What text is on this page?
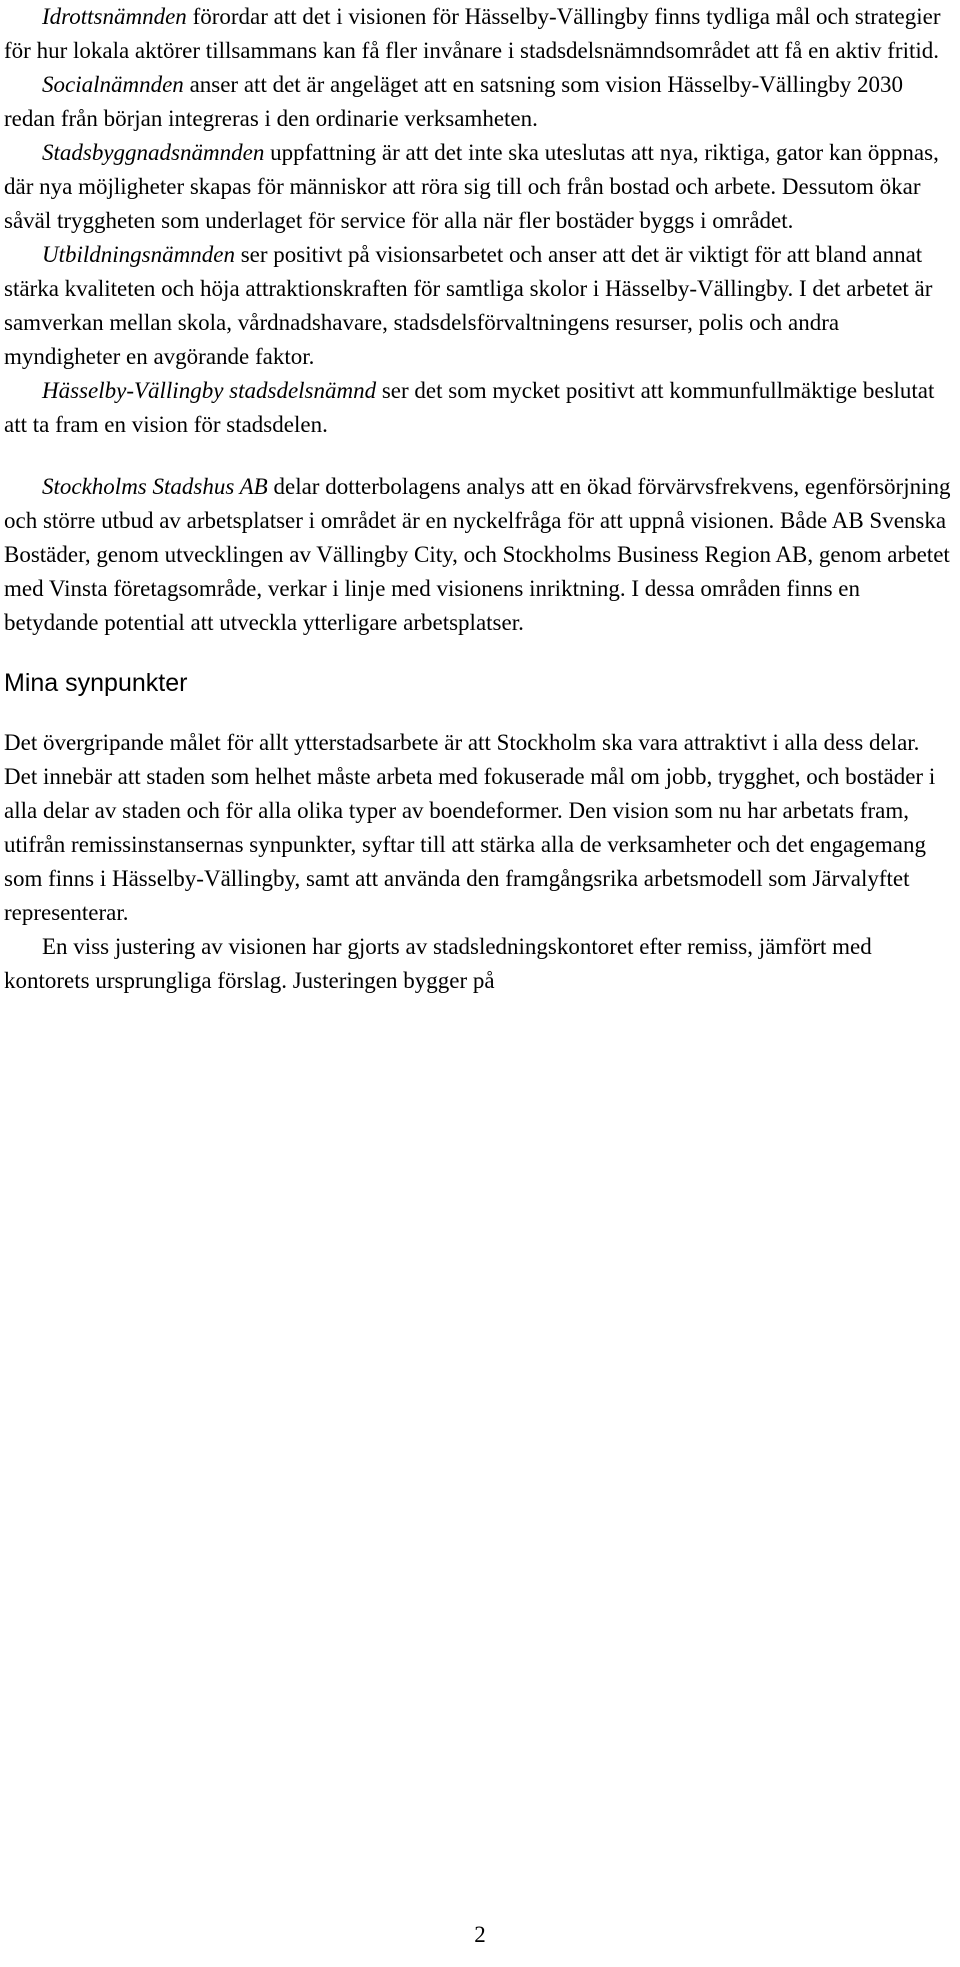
Idrottsnämnden förordar att det i visionen för Hässelby-Vällingby finns tydliga mål och strategier för hur lokala aktörer tillsammans kan få fler invånare i stadsdelsnämndsområdet att få en aktiv fritid.

Socialnämnden anser att det är angeläget att en satsning som vision Hässelby-Vällingby 2030 redan från början integreras i den ordinarie verksamheten.

Stadsbyggnadsnämnden uppfattning är att det inte ska uteslutas att nya, riktiga, gator kan öppnas, där nya möjligheter skapas för människor att röra sig till och från bostad och arbete. Dessutom ökar såväl tryggheten som underlaget för service för alla när fler bostäder byggs i området.

Utbildningsnämnden ser positivt på visionsarbetet och anser att det är viktigt för att bland annat stärka kvaliteten och höja attraktionskraften för samtliga skolor i Hässelby-Vällingby. I det arbetet är samverkan mellan skola, vårdnadshavare, stadsdelsförvaltningens resurser, polis och andra myndigheter en avgörande faktor.

Hässelby-Vällingby stadsdelsnämnd ser det som mycket positivt att kommunfullmäktige beslutat att ta fram en vision för stadsdelen.

Stockholms Stadshus AB delar dotterbolagens analys att en ökad förvärvsfrekvens, egenförsörjning och större utbud av arbetsplatser i området är en nyckelfråga för att uppnå visionen. Både AB Svenska Bostäder, genom utvecklingen av Vällingby City, och Stockholms Business Region AB, genom arbetet med Vinsta företagsområde, verkar i linje med visionens inriktning. I dessa områden finns en betydande potential att utveckla ytterligare arbetsplatser.

Mina synpunkter

Det övergripande målet för allt ytterstadsarbete är att Stockholm ska vara attraktivt i alla dess delar. Det innebär att staden som helhet måste arbeta med fokuserade mål om jobb, trygghet, och bostäder i alla delar av staden och för alla olika typer av boendeformer. Den vision som nu har arbetats fram, utifrån remissinstansernas synpunkter, syftar till att stärka alla de verksamheter och det engagemang som finns i Hässelby-Vällingby, samt att använda den framgångsrika arbetsmodell som Järvalyftet representerar.

En viss justering av visionen har gjorts av stadsledningskontoret efter remiss, jämfört med kontorets ursprungliga förslag. Justeringen bygger på

2
